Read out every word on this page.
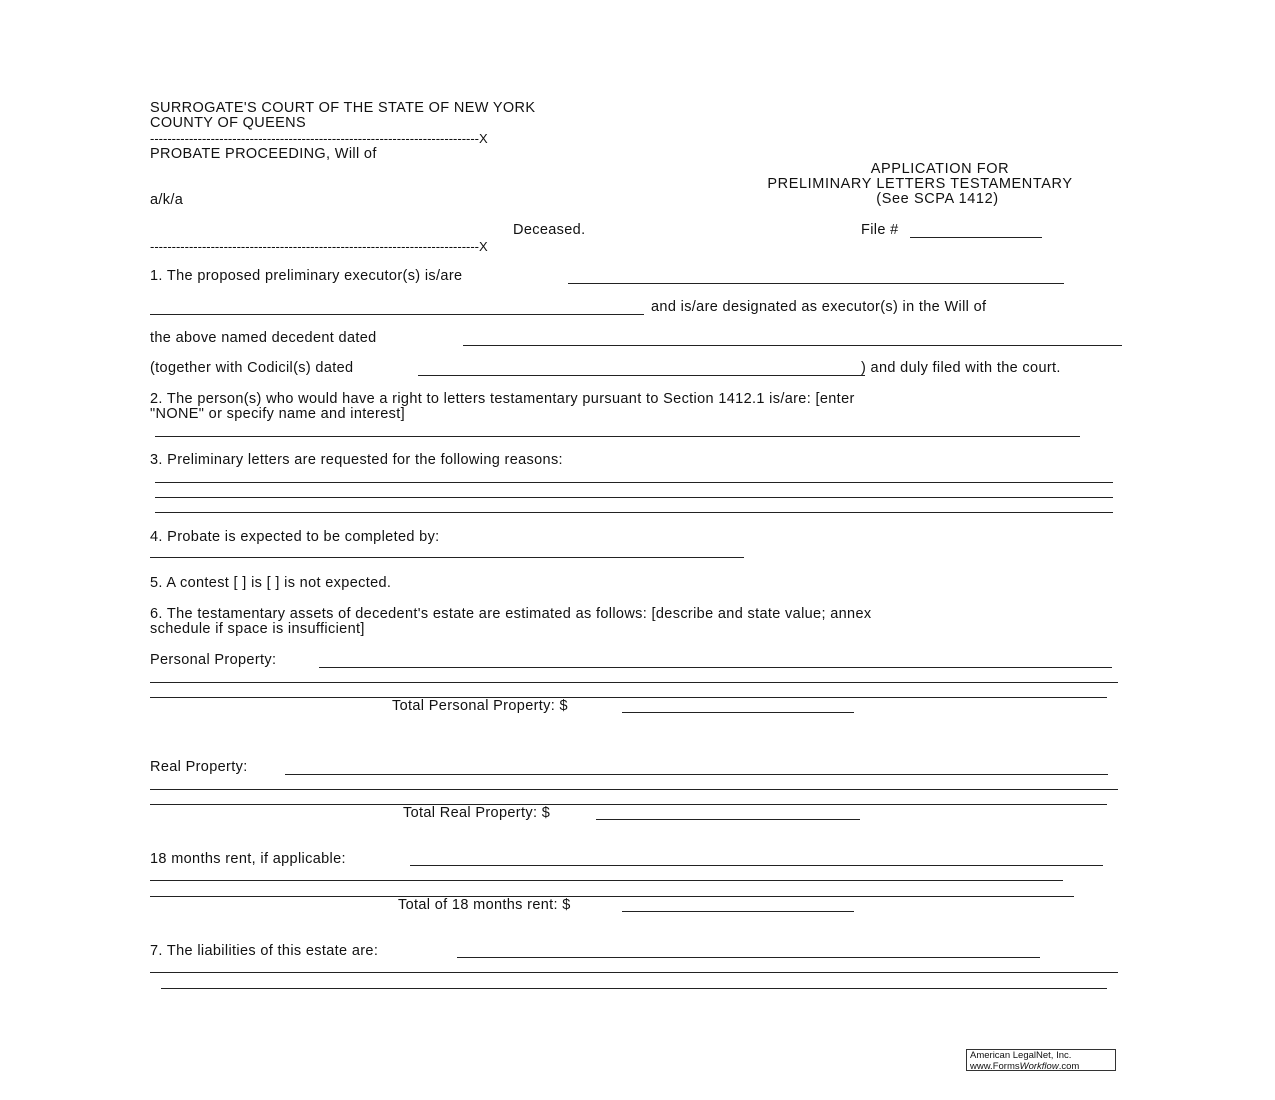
SURROGATE'S COURT OF THE STATE OF NEW YORK
COUNTY OF QUEENS
----------------------------------------------------------------------------X
PROBATE PROCEEDING, Will of
a/k/a
Deceased.
----------------------------------------------------------------------------X
APPLICATION FOR
PRELIMINARY LETTERS TESTAMENTARY
(See SCPA 1412)
File #
1. The proposed preliminary executor(s) is/are
and is/are designated as executor(s) in the Will of
the above named decedent dated
(together with Codicil(s) dated	) and duly filed with the court.
2. The person(s) who would have a right to letters testamentary pursuant to Section 1412.1 is/are: [enter
"NONE" or specify name and interest]
3. Preliminary letters are requested for the following reasons:
4. Probate is expected to be completed by:
5. A contest [ ] is [ ] is not expected.
6. The testamentary assets of decedent's estate are estimated as follows: [describe and state value; annex
schedule if space is insufficient]
Personal Property:
Total Personal Property: $
Real Property:
Total Real Property: $
18 months rent, if applicable:
Total of 18 months rent: $
7. The liabilities of this estate are:
American LegalNet, Inc.
www.FormsWorkflow.com
